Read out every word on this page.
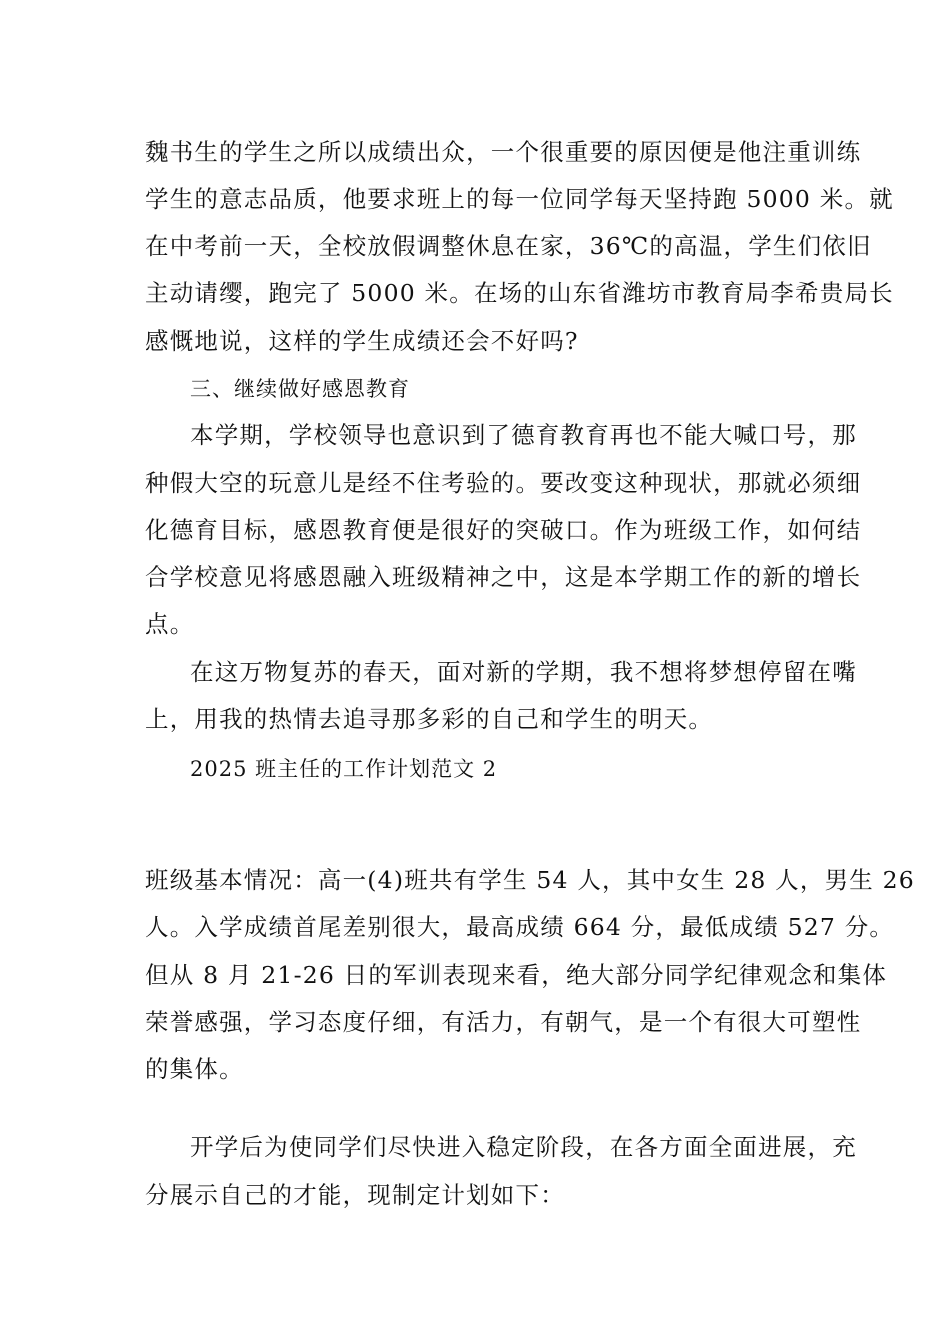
魏书生的学生之所以成绩出众，一个很重要的原因便是他注重训练
学生的意志品质，他要求班上的每一位同学每天坚持跑 5000 米。就
在中考前一天，全校放假调整休息在家，36℃的高温，学生们依旧
主动请缨，跑完了 5000 米。在场的山东省潍坊市教育局李希贵局长
感慨地说，这样的学生成绩还会不好吗?
三、继续做好感恩教育
本学期，学校领导也意识到了德育教育再也不能大喊口号，那
种假大空的玩意儿是经不住考验的。要改变这种现状，那就必须细
化德育目标，感恩教育便是很好的突破口。作为班级工作，如何结
合学校意见将感恩融入班级精神之中，这是本学期工作的新的增长
点。
在这万物复苏的春天，面对新的学期，我不想将梦想停留在嘴
上，用我的热情去追寻那多彩的自己和学生的明天。
2025 班主任的工作计划范文 2
班级基本情况：高一(4)班共有学生 54 人，其中女生 28 人，男生 26
人。入学成绩首尾差别很大，最高成绩 664 分，最低成绩 527 分。
但从 8 月 21-26 日的军训表现来看，绝大部分同学纪律观念和集体
荣誉感强，学习态度仔细，有活力，有朝气，是一个有很大可塑性
的集体。
开学后为使同学们尽快进入稳定阶段，在各方面全面进展，充
分展示自己的才能，现制定计划如下：
